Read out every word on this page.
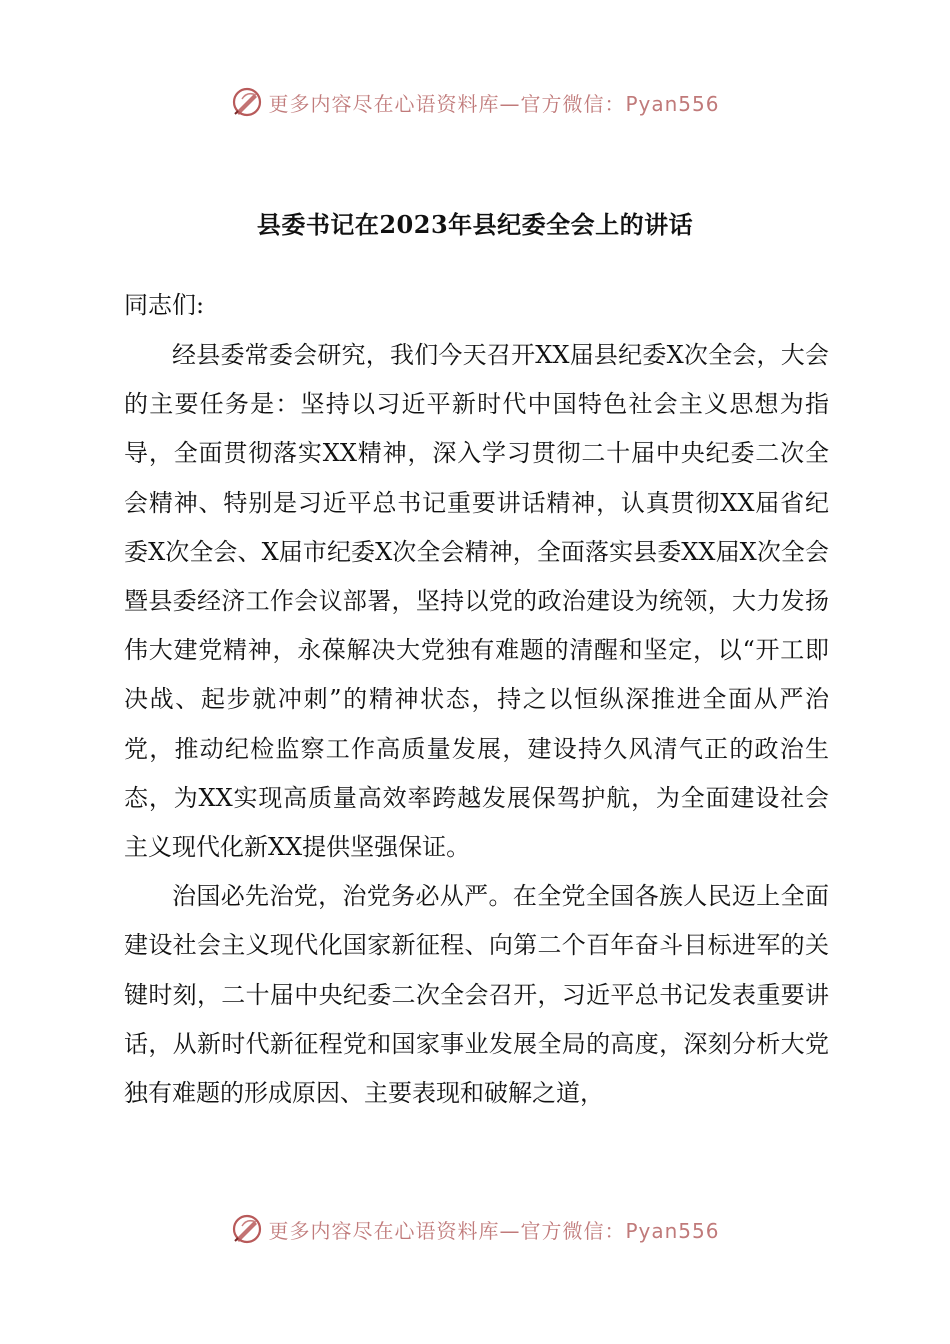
更多内容尽在心语资料库—官方微信：Pyan556
县委书记在2023年县纪委全会上的讲话
同志们:

经县委常委会研究，我们今天召开XX届县纪委X次全会，大会的主要任务是：坚持以习近平新时代中国特色社会主义思想为指导，全面贯彻落实XX精神，深入学习贯彻二十届中央纪委二次全会精神、特别是习近平总书记重要讲话精神，认真贯彻XX届省纪委X次全会、X届市纪委X次全会精神，全面落实县委XX届X次全会暨县委经济工作会议部署，坚持以党的政治建设为统领，大力发扬伟大建党精神，永葆解决大党独有难题的清醒和坚定，以“开工即决战、起步就冲刺”的精神状态，持之以恒纵深推进全面从严治党，推动纪检监察工作高质量发展，建设持久风清气正的政治生态，为XX实现高质量高效率跨越发展保驾护航，为全面建设社会主义现代化新XX提供坚强保证。

治国必先治党，治党务必从严。在全党全国各族人民迈上全面建设社会主义现代化国家新征程、向第二个百年奋斗目标进军的关键时刻，二十届中央纪委二次全会召开，习近平总书记发表重要讲话，从新时代新征程党和国家事业发展全局的高度，深刻分析大党独有难题的形成原因、主要表现和破解之道，

更多内容尽在心语资料库—官方微信：Pyan556
